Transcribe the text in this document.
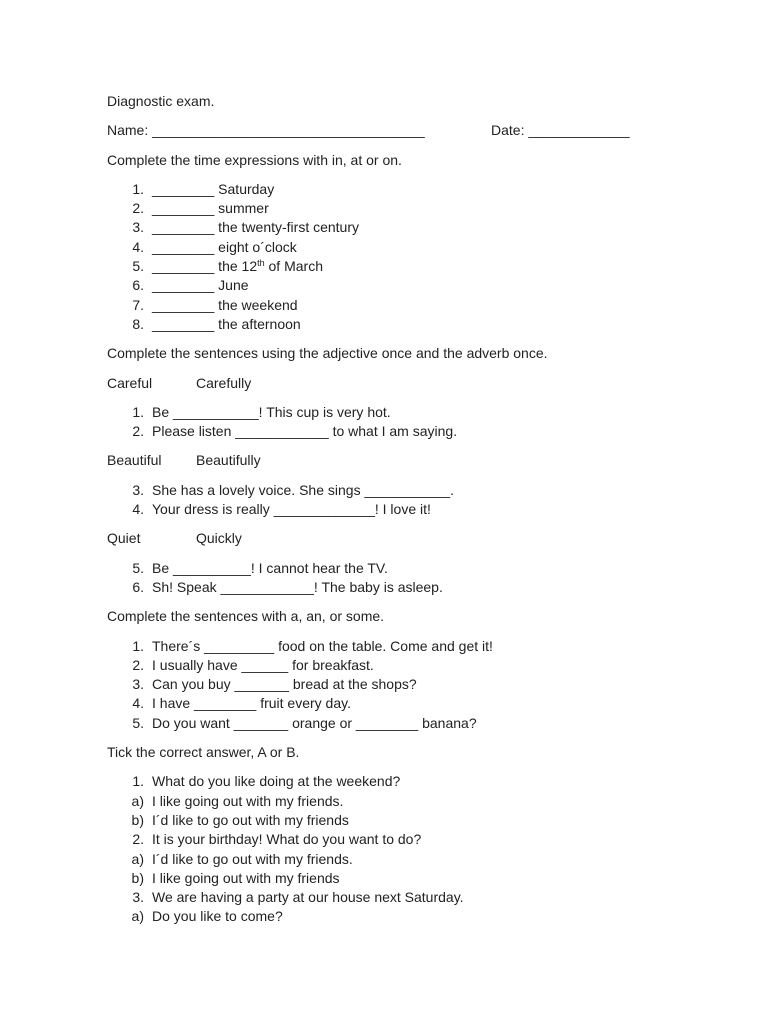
Diagnostic exam.
Name: ___________________________________	Date: _____________
Complete the time expressions with in, at or on.
1. ________ Saturday
2. ________ summer
3. ________ the twenty-first century
4. ________ eight o´clock
5. ________ the 12th of March
6. ________ June
7. ________ the weekend
8. ________ the afternoon
Complete the sentences using the adjective once and the adverb once.
Careful	Carefully
1. Be ___________! This cup is very hot.
2. Please listen ____________ to what I am saying.
Beautiful Beautifully
3. She has a lovely voice. She sings ___________.
4. Your dress is really _____________! I love it!
Quiet	Quickly
5. Be __________! I cannot hear the TV.
6. Sh! Speak ____________! The baby is asleep.
Complete the sentences with a, an, or some.
1. There´s _________ food on the table. Come and get it!
2. I usually have ______ for breakfast.
3. Can you buy _______ bread at the shops?
4. I have ________ fruit every day.
5. Do you want _______ orange or ________ banana?
Tick the correct answer, A or B.
1. What do you like doing at the weekend?
a) I like going out with my friends.
b) I´d like to go out with my friends
2. It is your birthday! What do you want to do?
a) I´d like to go out with my friends.
b) I like going out with my friends
3. We are having a party at our house next Saturday.
a) Do you like to come?
